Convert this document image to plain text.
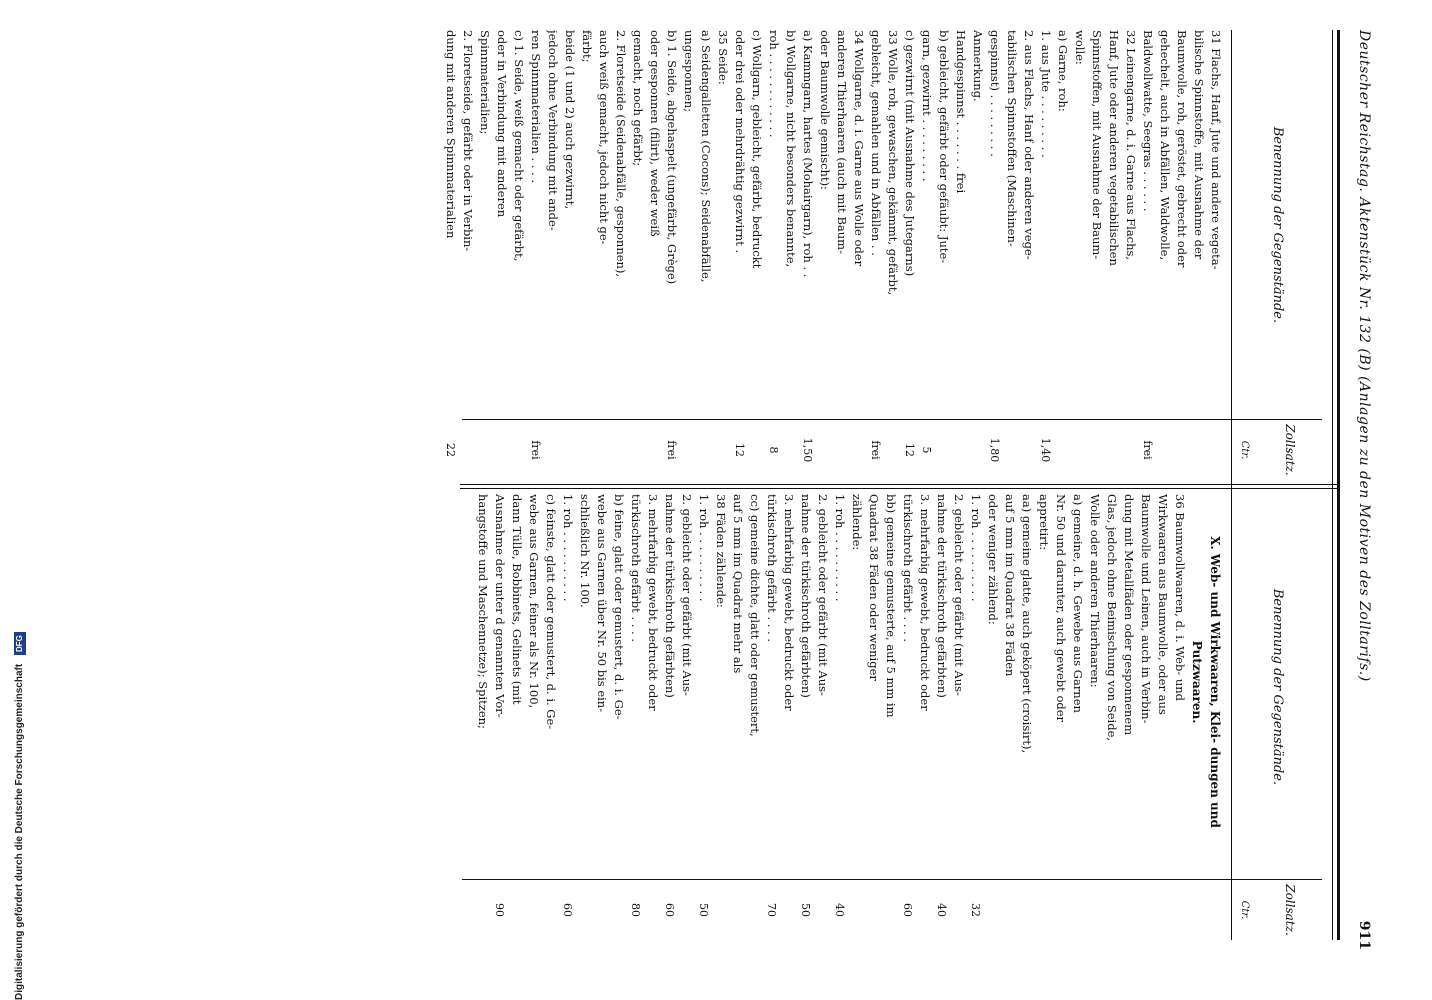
Digitalisierung gefördert durch die Deutsche Forschungsgemeinschaft DFG	Deutscher Reichstag. Aktenstück Nr. 132 (B) (Anlagen zu den Motiven des Zolltarifs.)
911
Benennung der Gegenstände.
Zollsatz.
Ctr.
31 Flachs, Hanf, Jute und andere vegeta-
bilische Spinnstoffe, mit Ausnahme der
Baumwolle, roh, geröstet, gebrecht oder
gehechelt, auch in Abfällen, Waldwolle,
Baldwollwatte, Seegras . . . . . .
frei
32 Leinengarne, d. i. Garne aus Flachs,
Hanf, Jute oder anderen vegetabilischen
Spinnstoffen, mit Ausnahme der Baum-
wolle:
a) Garne, roh:
1. aus Jute . . . . . . . . .
1,40
2. aus Flachs, Hanf oder anderen vege-
tabilischen Spinnstoffen (Maschinen-
gespinnst) . . . . . . . . .
1,80
Anmerkung.
Handgespinnst . . . . . . . frei
b) gebleicht, gefärbt oder gefäubt: Jute-
garn, gezwirnt . . . . . . . . .
5
c) gezwirnt (mit Ausnahme des Jutegarns)
12
33 Wolle, roh, gewaschen, gekämmt, gefärbt,
gebleicht, gemahlen und in Abfällen . .
frei
34 Wollgarne, d. i. Garne aus Wolle oder
anderen Thierhaaren (auch mit Baum-
oder Baumwolle gemischt):
a) Kammgarn, hartes (Mohairgarn), roh . .
1,50
b) Wollgarne, nicht besonders benannte,
roh . . . . . . . . . . . .
8
c) Wollgarn, gebleicht, gefärbt, bedruckt
oder drei oder mehrdrähtig gezwirnt .
12
35 Seide:
a) Seidengalletten (Cocons); Seidenabfälle,
ungesponnen;
b) 1. Seide, abgehaspelt (ungefärbt, Grège)
frei
oder gesponnen (filirt), weder weiß
gemacht, noch gefärbt;
2. Floretseide (Seidenabfälle, gesponnen),
auch weiß gemacht, jedoch nicht ge-
färbt;
beide (1 und 2) auch gezwirnt,
jedoch ohne Verbindung mit ande-
ren Spinnmaterialien . . . .
frei
c) 1. Seide, weiß gemacht oder gefärbt,
oder in Verbindung mit anderen
Spinnmaterialien;
2. Floretseide, gefärbt oder in Verbin-
dung mit anderen Spinnmaterialien
22
Benennung der Gegenstände.
Zollsatz.
Ctr.
X. Web- und Wirkwaaren, Klei- dungen und Putzwaaren.
36 Baumwollwaaren, d. i. Web- und
Wirkwaaren aus Baumwolle, oder aus
Baumwolle und Leinen, auch in Verbin-
dung mit Metallfäden oder gesponnenem
Glas, jedoch ohne Beimischung von Seide,
Wolle oder anderen Thierhaaren:
a) gemeine, d. h. Gewebe aus Garnen
Nr. 50 und darunter, auch gewebt oder
appretirt:
aa) gemeine glatte, auch geköpert (croisirt),
auf 5 mm im Quadrat 38 Fäden
oder weniger zählend:
1. roh . . . . . . . . . .
32
2. gebleicht oder gefärbt (mit Aus-
nahme der türkischroth gefärbten)
40
3. mehrfarbig gewebt, bedruckt oder
türkischroth gefärbt . . . .
60
bb) gemeine gemusterte, auf 5 mm im
Quadrat 38 Fäden oder weniger
zählende:
1. roh . . . . . . . . . .
40
2. gebleicht oder gefärbt (mit Aus-
nahme der türkischroth gefärbten)
50
3. mehrfarbig gewebt, bedruckt oder
türkischroth gefärbt . . . .
70
cc) gemeine dichte, glatt oder gemustert,
auf 5 mm im Quadrat mehr als
38 Fäden zählende:
1. roh . . . . . . . . . .
50
2. gebleicht oder gefärbt (mit Aus-
nahme der türkischroth gefärbten)
60
3. mehrfarbig gewebt, bedruckt oder
türkischroth gefärbt . . . .
80
b) feine, glatt oder gemustert, d. i. Ge-
webe aus Garnen über Nr. 50 bis ein-
schließlich Nr. 100.
1. roh . . . . . . . . . .
60
c) feinste, glatt oder gemustert, d. i. Ge-
webe aus Garnen, feiner als Nr. 100,
dann Tülle, Bobbinets, Gelinets (mit
Ausnahme der unter d genannten Vor-
90
hangstoffe und Maschennetze); Spitzen;
